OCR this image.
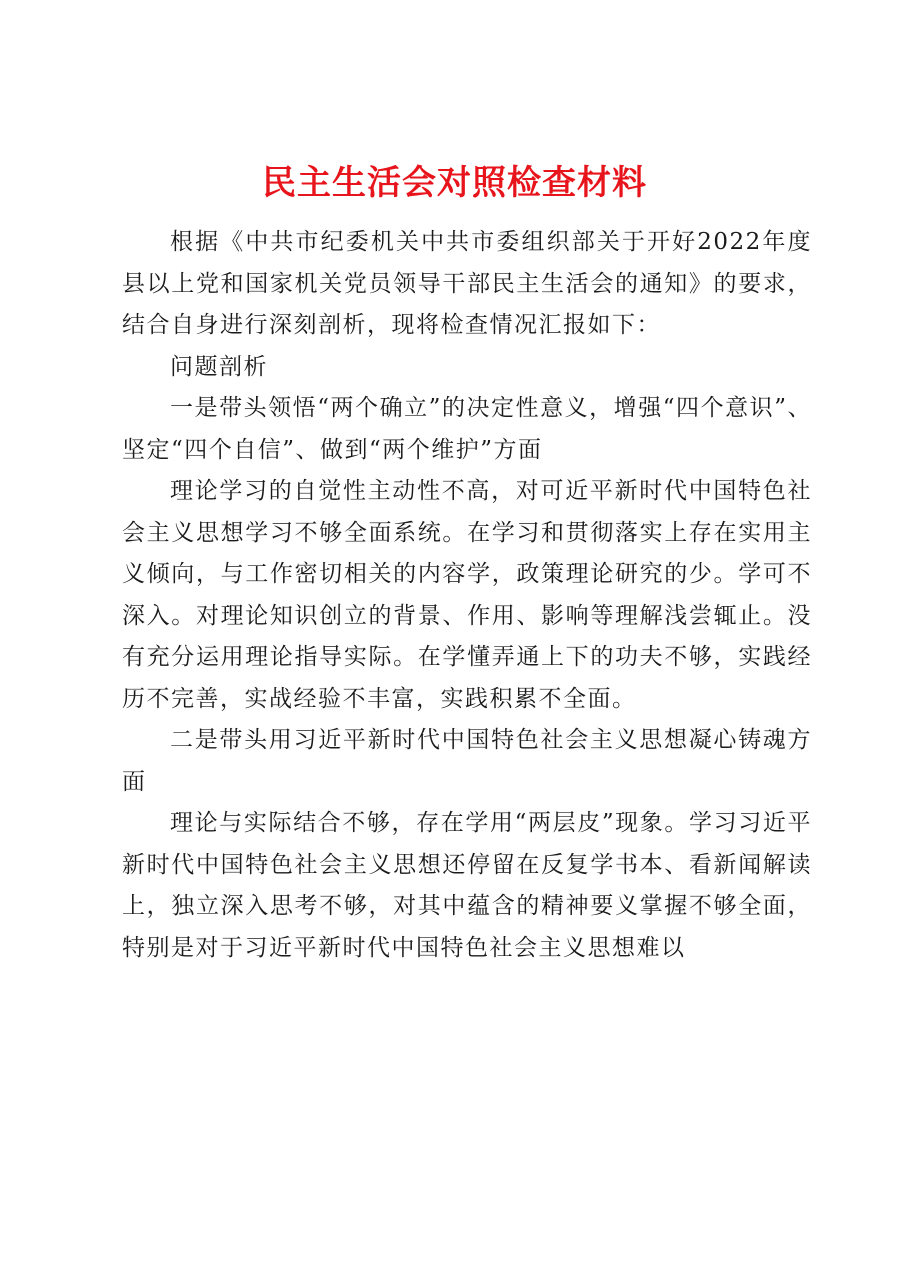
民主生活会对照检查材料

根据《中共市纪委机关中共市委组织部关于开好2022年度县以上党和国家机关党员领导干部民主生活会的通知》的要求，结合自身进行深刻剖析，现将检查情况汇报如下：

问题剖析

一是带头领悟“两个确立”的决定性意义，增强“四个意识”、坚定“四个自信”、做到“两个维护”方面

理论学习的自觉性主动性不高，对可近平新时代中国特色社会主义思想学习不够全面系统。在学习和贯彻落实上存在实用主义倾向，与工作密切相关的内容学，政策理论研究的少。学可不深入。对理论知识创立的背景、作用、影响等理解浅尝辄止。没有充分运用理论指导实际。在学懂弄通上下的功夫不够，实践经历不完善，实战经验不丰富，实践积累不全面。

二是带头用习近平新时代中国特色社会主义思想凝心铸魂方面

理论与实际结合不够，存在学用“两层皮”现象。学习习近平新时代中国特色社会主义思想还停留在反复学书本、看新闻解读上，独立深入思考不够，对其中蕴含的精神要义掌握不够全面，特别是对于习近平新时代中国特色社会主义思想难以
